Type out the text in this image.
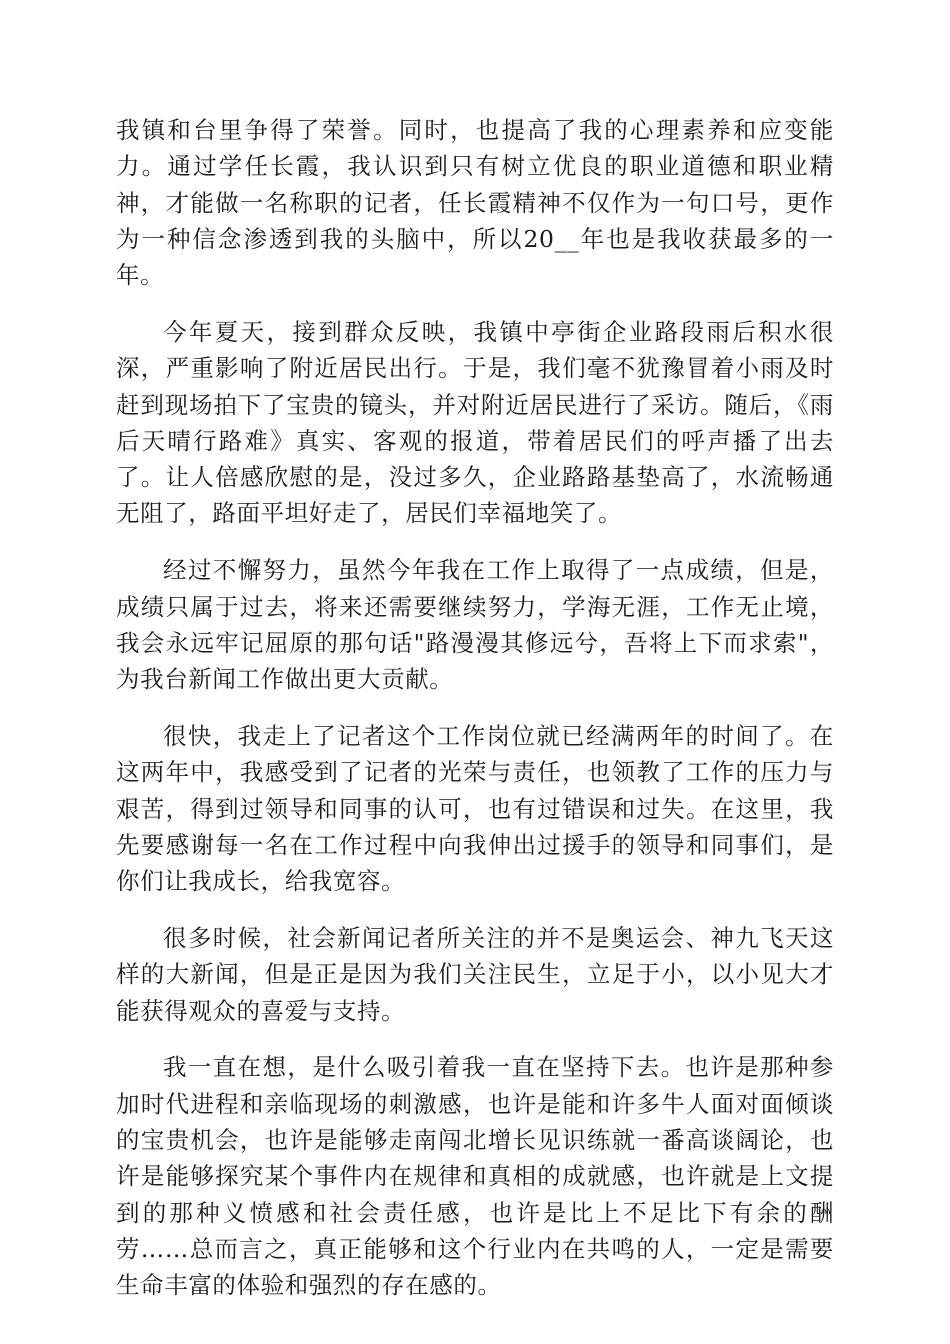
我镇和台里争得了荣誉。同时，也提高了我的心理素养和应变能力。通过学任长霞，我认识到只有树立优良的职业道德和职业精神，才能做一名称职的记者，任长霞精神不仅作为一句口号，更作为一种信念渗透到我的头脑中，所以20__年也是我收获最多的一年。

今年夏天，接到群众反映，我镇中亭街企业路段雨后积水很深，严重影响了附近居民出行。于是，我们毫不犹豫冒着小雨及时赶到现场拍下了宝贵的镜头，并对附近居民进行了采访。随后，《雨后天晴行路难》真实、客观的报道，带着居民们的呼声播了出去了。让人倍感欣慰的是，没过多久，企业路路基垫高了，水流畅通无阻了，路面平坦好走了，居民们幸福地笑了。

经过不懈努力，虽然今年我在工作上取得了一点成绩，但是，成绩只属于过去，将来还需要继续努力，学海无涯，工作无止境，我会永远牢记屈原的那句话"路漫漫其修远兮，吾将上下而求索"，为我台新闻工作做出更大贡献。

很快，我走上了记者这个工作岗位就已经满两年的时间了。在这两年中，我感受到了记者的光荣与责任，也领教了工作的压力与艰苦，得到过领导和同事的认可，也有过错误和过失。在这里，我先要感谢每一名在工作过程中向我伸出过援手的领导和同事们，是你们让我成长，给我宽容。

很多时候，社会新闻记者所关注的并不是奥运会、神九飞天这样的大新闻，但是正是因为我们关注民生，立足于小，以小见大才能获得观众的喜爱与支持。

我一直在想，是什么吸引着我一直在坚持下去。也许是那种参加时代进程和亲临现场的刺激感，也许是能和许多牛人面对面倾谈的宝贵机会，也许是能够走南闯北增长见识练就一番高谈阔论，也许是能够探究某个事件内在规律和真相的成就感，也许就是上文提到的那种义愤感和社会责任感，也许是比上不足比下有余的酬劳……总而言之，真正能够和这个行业内在共鸣的人，一定是需要生命丰富的体验和强烈的存在感的。
